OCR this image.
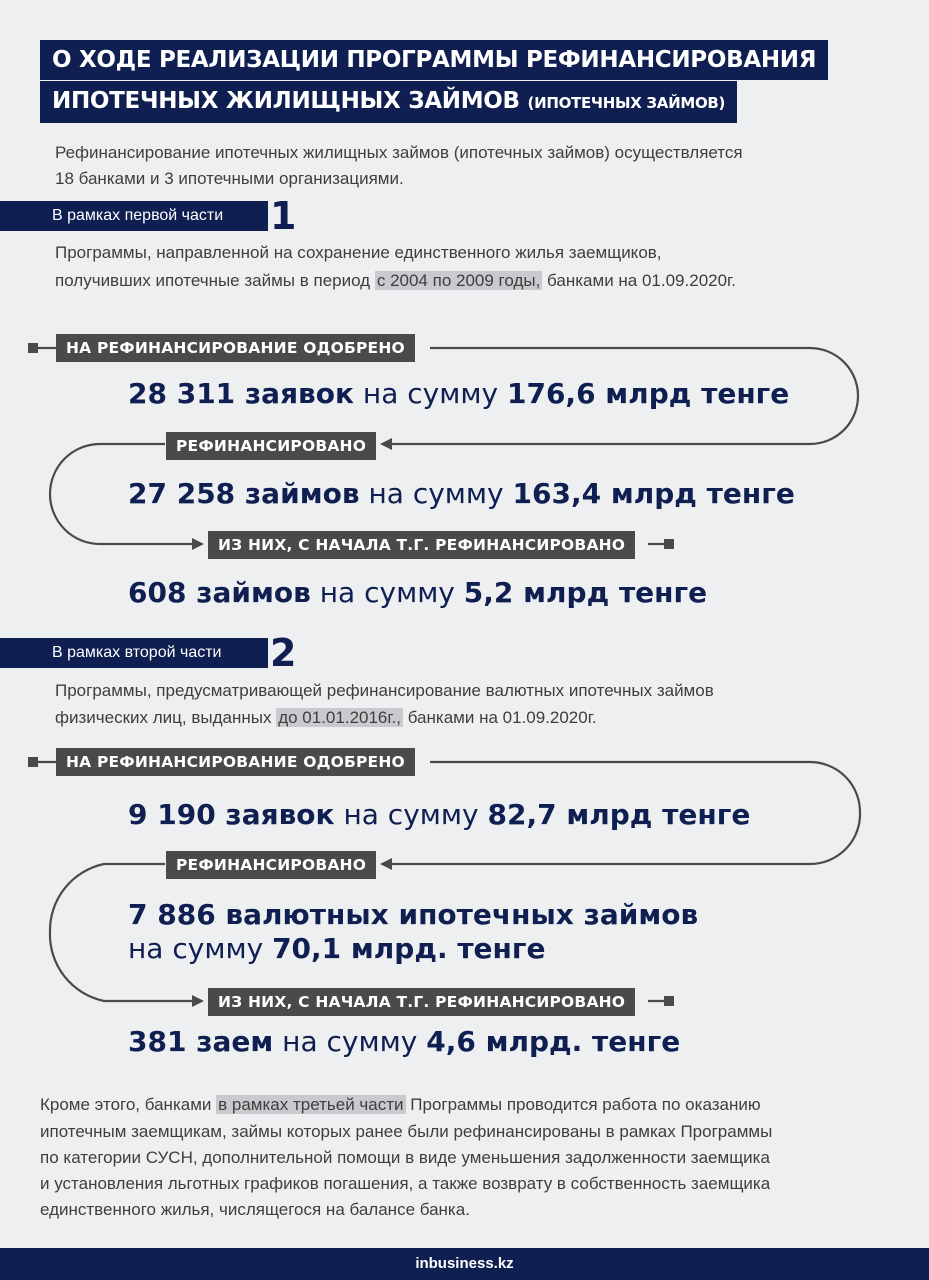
О ХОДЕ РЕАЛИЗАЦИИ ПРОГРАММЫ РЕФИНАНСИРОВАНИЯ
ИПОТЕЧНЫХ ЖИЛИЩНЫХ ЗАЙМОВ (ИПОТЕЧНЫХ ЗАЙМОВ)
Рефинансирование ипотечных жилищных займов (ипотечных займов) осуществляется
18 банками и 3 ипотечными организациями.
В рамках первой части	1
Программы, направленной на сохранение единственного жилья заемщиков,
получивших ипотечные займы в период с 2004 по 2009 годы, банками на 01.09.2020г.
НА РЕФИНАНСИРОВАНИЕ ОДОБРЕНО
28 311 заявок на сумму 176,6 млрд тенге
РЕФИНАНСИРОВАНО
27 258 займов на сумму 163,4 млрд тенге
ИЗ НИХ, С НАЧАЛА Т.Г. РЕФИНАНСИРОВАНО
608 займов на сумму 5,2 млрд тенге
В рамках второй части	2
Программы, предусматривающей рефинансирование валютных ипотечных займов
физических лиц, выданных до 01.01.2016г., банками на 01.09.2020г.
НА РЕФИНАНСИРОВАНИЕ ОДОБРЕНО
9 190 заявок на сумму 82,7 млрд тенге
РЕФИНАНСИРОВАНО
7 886 валютных ипотечных займов
на сумму 70,1 млрд. тенге
ИЗ НИХ, С НАЧАЛА Т.Г. РЕФИНАНСИРОВАНО
381 заем на сумму 4,6 млрд. тенге
Кроме этого, банками в рамках третьей части Программы проводится работа по оказанию
ипотечным заемщикам, займы которых ранее были рефинансированы в рамках Программы
по категории СУСН, дополнительной помощи в виде уменьшения задолженности заемщика
и установления льготных графиков погашения, а также возврату в собственность заемщика
единственного жилья, числящегося на балансе банка.
inbusiness.kz
